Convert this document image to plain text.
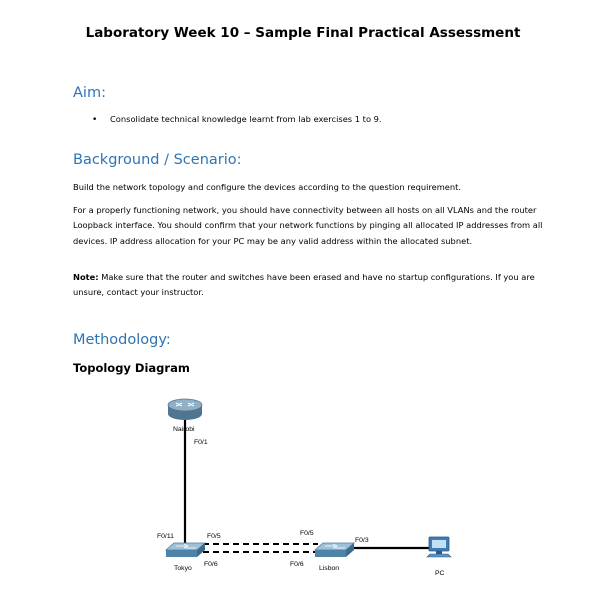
Laboratory Week 10 – Sample Final Practical Assessment
Aim:
• Consolidate technical knowledge learnt from lab exercises 1 to 9.
Background / Scenario:

Build the network topology and configure the devices according to the question requirement.

For a properly functioning network, you should have connectivity between all hosts on all VLANs and the router Loopback interface. You should confirm that your network functions by pinging all allocated IP addresses from all devices. IP address allocation for your PC may be any valid address within the allocated subnet.

Note: Make sure that the router and switches have been erased and have no startup configurations. If you are unsure, contact your instructor.

Methodology:
Topology Diagram
Nairobi
F0/1
F0/11	F0/5
F0/6
Tokyo
F0/5
F0/6
F0/3
Lisbon
PC
